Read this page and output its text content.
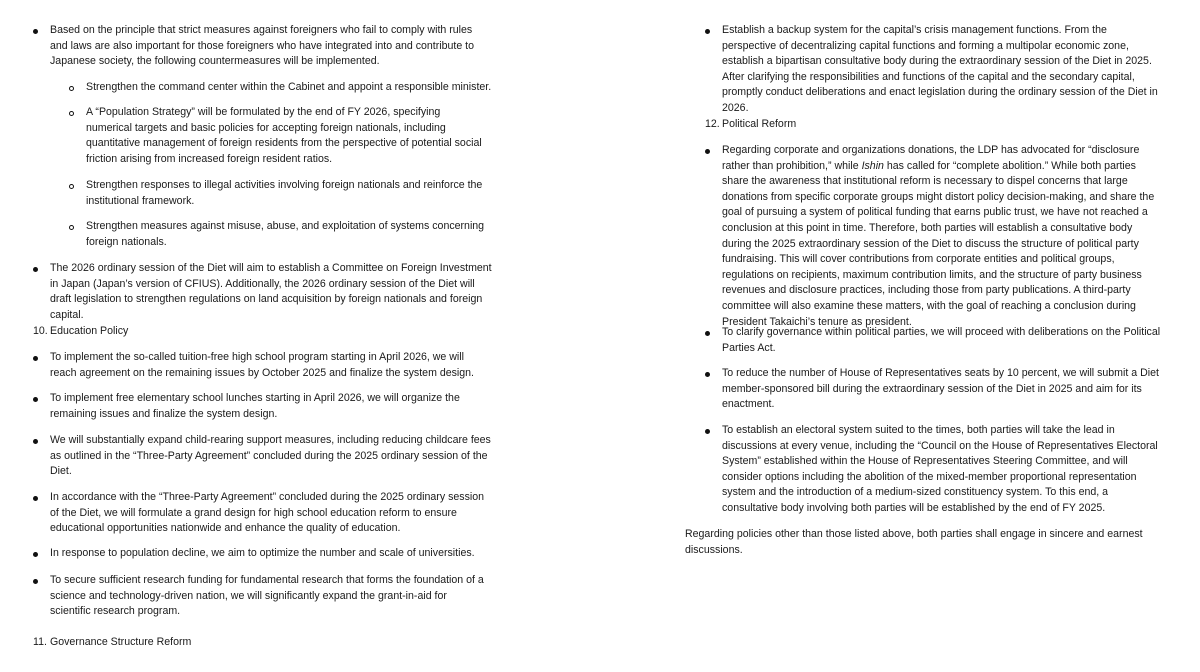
Based on the principle that strict measures against foreigners who fail to comply with rules and laws are also important for those foreigners who have integrated into and contribute to Japanese society, the following countermeasures will be implemented.

Strengthen the command center within the Cabinet and appoint a responsible minister.

A “Population Strategy” will be formulated by the end of FY 2026, specifying numerical targets and basic policies for accepting foreign nationals, including quantitative management of foreign residents from the perspective of potential social friction arising from increased foreign resident ratios.

Strengthen responses to illegal activities involving foreign nationals and reinforce the institutional framework.

Strengthen measures against misuse, abuse, and exploitation of systems concerning foreign nationals.

The 2026 ordinary session of the Diet will aim to establish a Committee on Foreign Investment in Japan (Japan’s version of CFIUS). Additionally, the 2026 ordinary session of the Diet will draft legislation to strengthen regulations on land acquisition by foreign nationals and foreign capital.

10. Education Policy

To implement the so-called tuition-free high school program starting in April 2026, we will reach agreement on the remaining issues by October 2025 and finalize the system design.

To implement free elementary school lunches starting in April 2026, we will organize the remaining issues and finalize the system design.

We will substantially expand child-rearing support measures, including reducing childcare fees as outlined in the “Three-Party Agreement” concluded during the 2025 ordinary session of the Diet.

In accordance with the “Three-Party Agreement” concluded during the 2025 ordinary session of the Diet, we will formulate a grand design for high school education reform to ensure educational opportunities nationwide and enhance the quality of education.

In response to population decline, we aim to optimize the number and scale of universities.

To secure sufficient research funding for fundamental research that forms the foundation of a science and technology-driven nation, we will significantly expand the grant-in-aid for scientific research program.

11. Governance Structure Reform

Establish a backup system for the capital’s crisis management functions. From the perspective of decentralizing capital functions and forming a multipolar economic zone, establish a bipartisan consultative body during the extraordinary session of the Diet in 2025. After clarifying the responsibilities and functions of the capital and the secondary capital, promptly conduct deliberations and enact legislation during the ordinary session of the Diet in 2026.

12. Political Reform

Regarding corporate and organizations donations, the LDP has advocated for “disclosure rather than prohibition,” while Ishin has called for “complete abolition.” While both parties share the awareness that institutional reform is necessary to dispel concerns that large donations from specific corporate groups might distort policy decision-making, and share the goal of pursuing a system of political funding that earns public trust, we have not reached a conclusion at this point in time. Therefore, both parties will establish a consultative body during the 2025 extraordinary session of the Diet to discuss the structure of political party fundraising. This will cover contributions from corporate entities and political groups, regulations on recipients, maximum contribution limits, and the structure of party business revenues and disclosure practices, including those from party publications. A third-party committee will also examine these matters, with the goal of reaching a conclusion during President Takaichi’s tenure as president.

To clarify governance within political parties, we will proceed with deliberations on the Political Parties Act.

To reduce the number of House of Representatives seats by 10 percent, we will submit a Diet member-sponsored bill during the extraordinary session of the Diet in 2025 and aim for its enactment.

To establish an electoral system suited to the times, both parties will take the lead in discussions at every venue, including the “Council on the House of Representatives Electoral System” established within the House of Representatives Steering Committee, and will consider options including the abolition of the mixed-member proportional representation system and the introduction of a medium-sized constituency system. To this end, a consultative body involving both parties will be established by the end of FY 2025.

Regarding policies other than those listed above, both parties shall engage in sincere and earnest discussions.
